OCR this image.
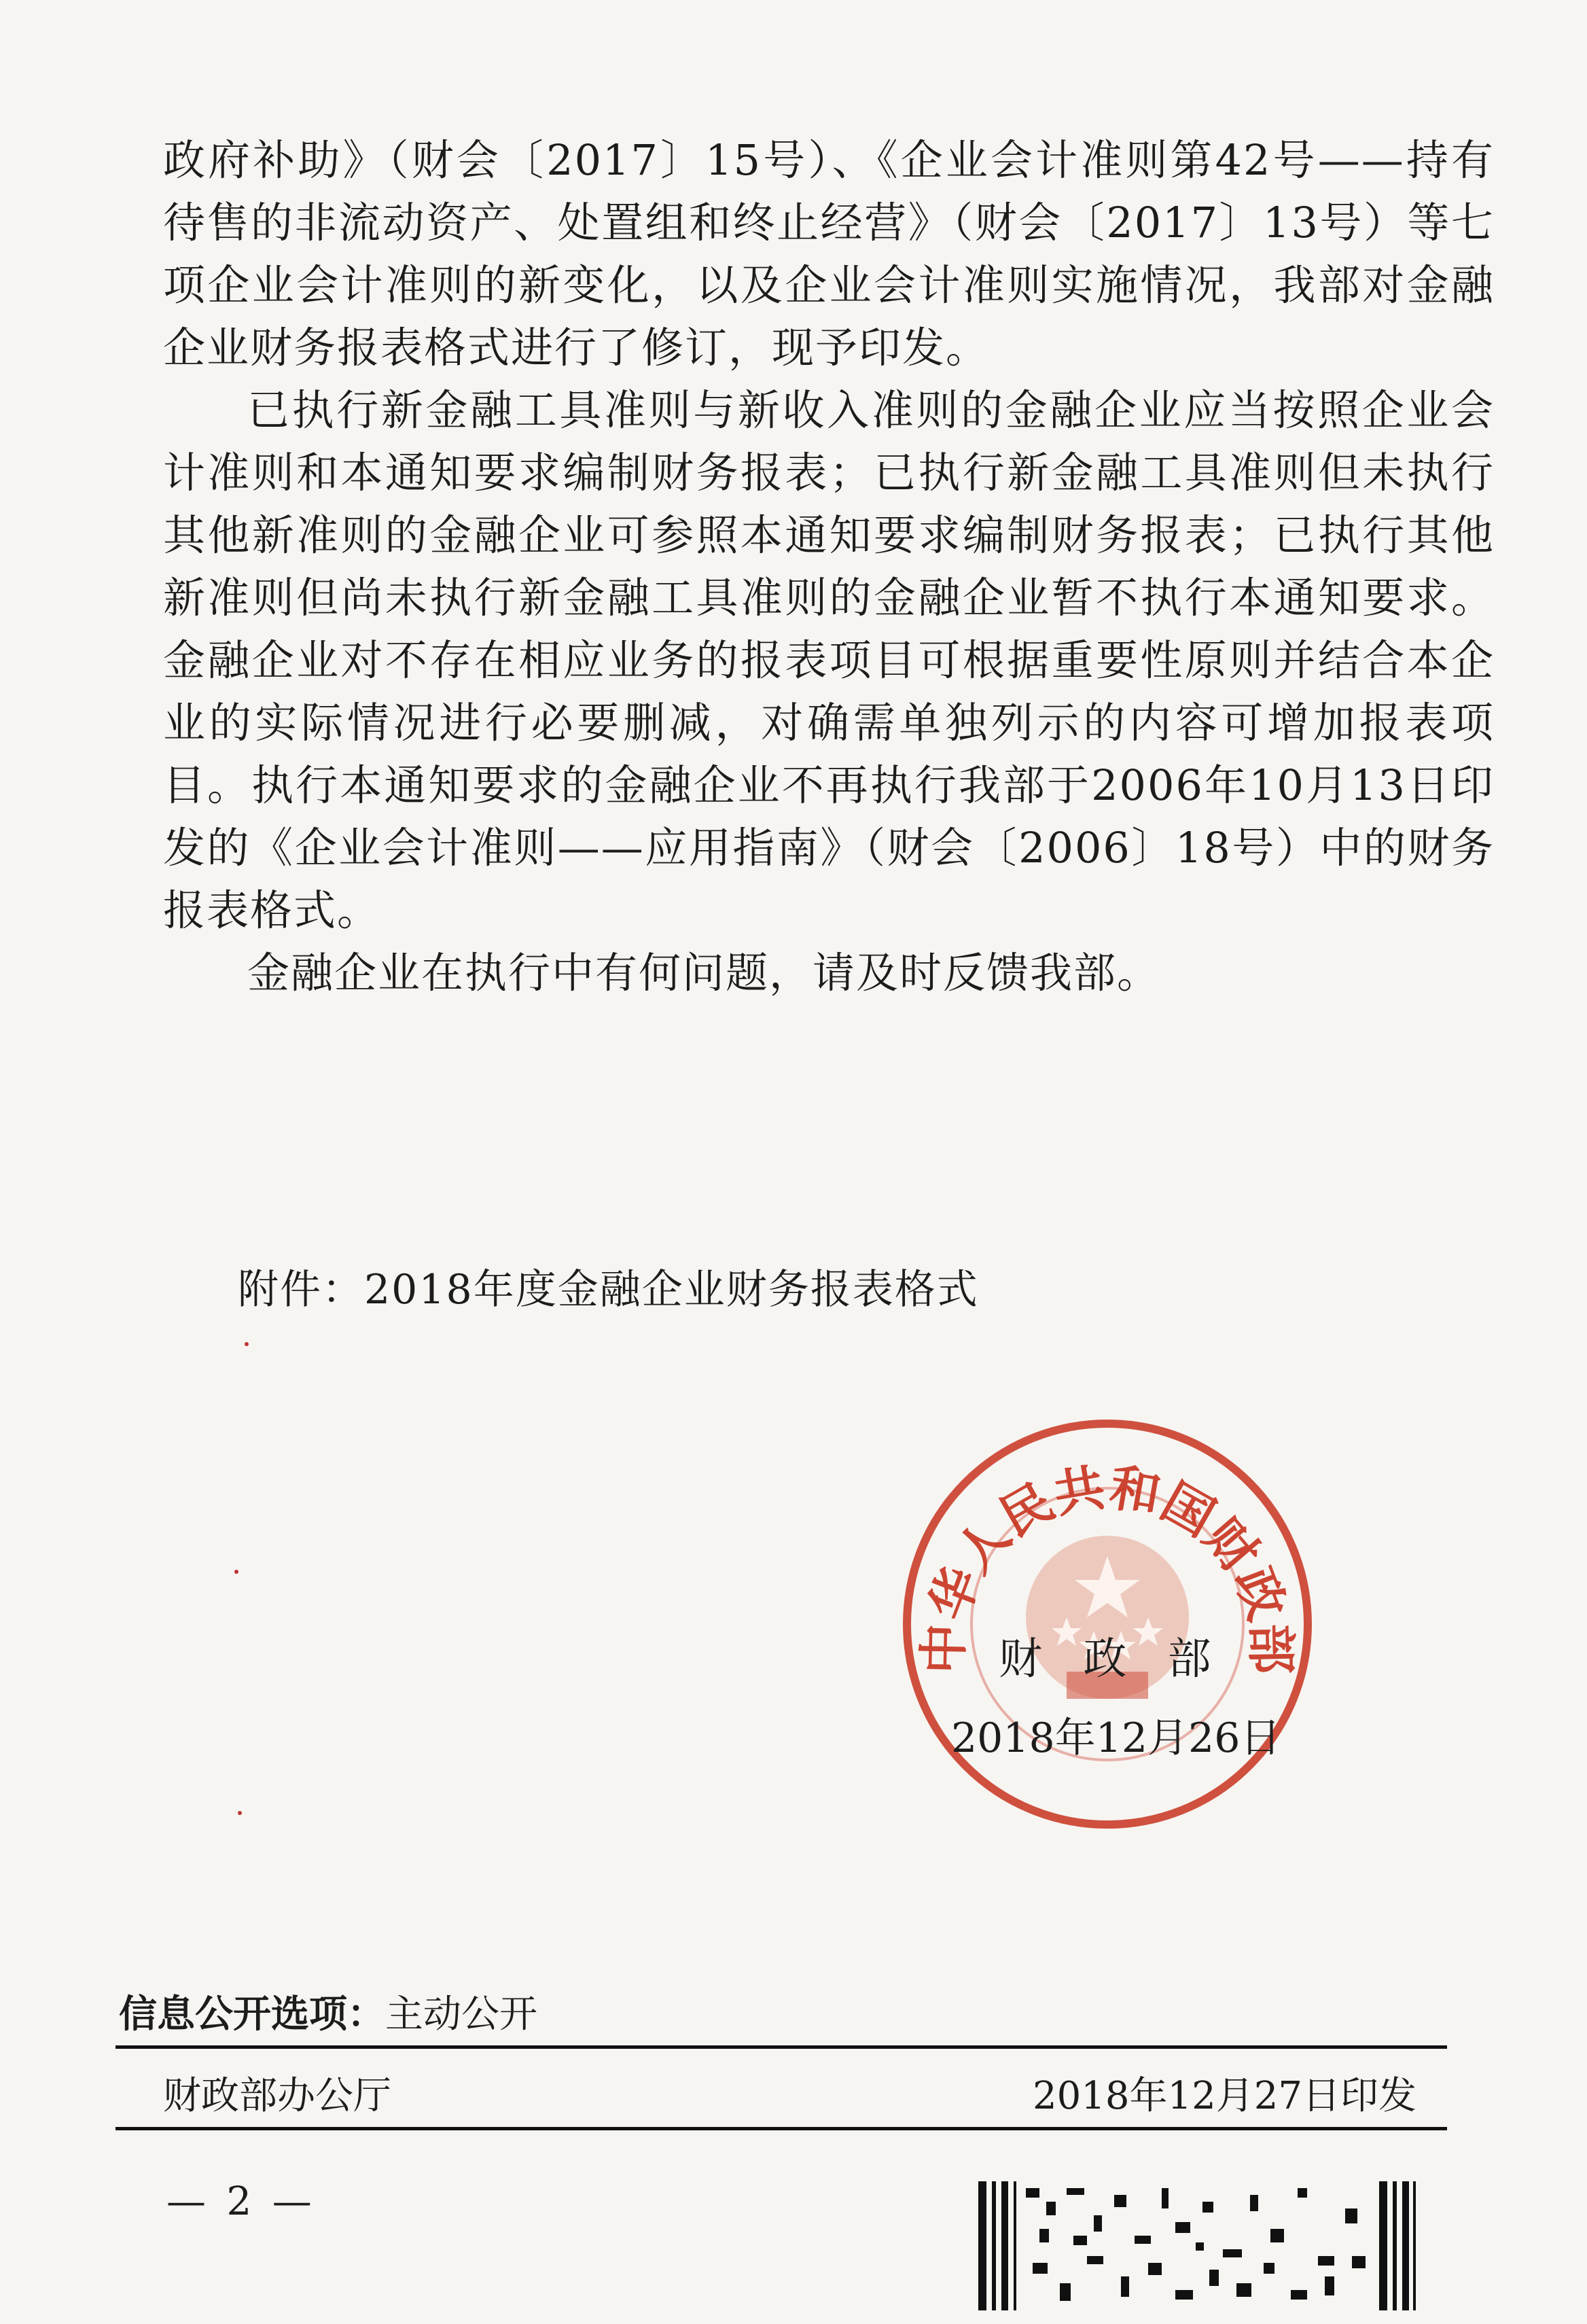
政府补助》（财会〔2017〕15号）、《企业会计准则第42号——持有待售的非流动资产、处置组和终止经营》（财会〔2017〕13号）等七项企业会计准则的新变化，以及企业会计准则实施情况，我部对金融企业财务报表格式进行了修订，现予印发。

已执行新金融工具准则与新收入准则的金融企业应当按照企业会计准则和本通知要求编制财务报表；已执行新金融工具准则但未执行其他新准则的金融企业可参照本通知要求编制财务报表；已执行其他新准则但尚未执行新金融工具准则的金融企业暂不执行本通知要求。金融企业对不存在相应业务的报表项目可根据重要性原则并结合本企业的实际情况进行必要删减，对确需单独列示的内容可增加报表项目。执行本通知要求的金融企业不再执行我部于2006年10月13日印发的《企业会计准则——应用指南》（财会〔2006〕18号）中的财务报表格式。

金融企业在执行中有何问题，请及时反馈我部。

附件：2018年度金融企业财务报表格式
中华人民共和国财政部
财 政 部
2018年12月26日
信息公开选项：主动公开
财政部办公厅	2018年12月27日印发
— 2 —
